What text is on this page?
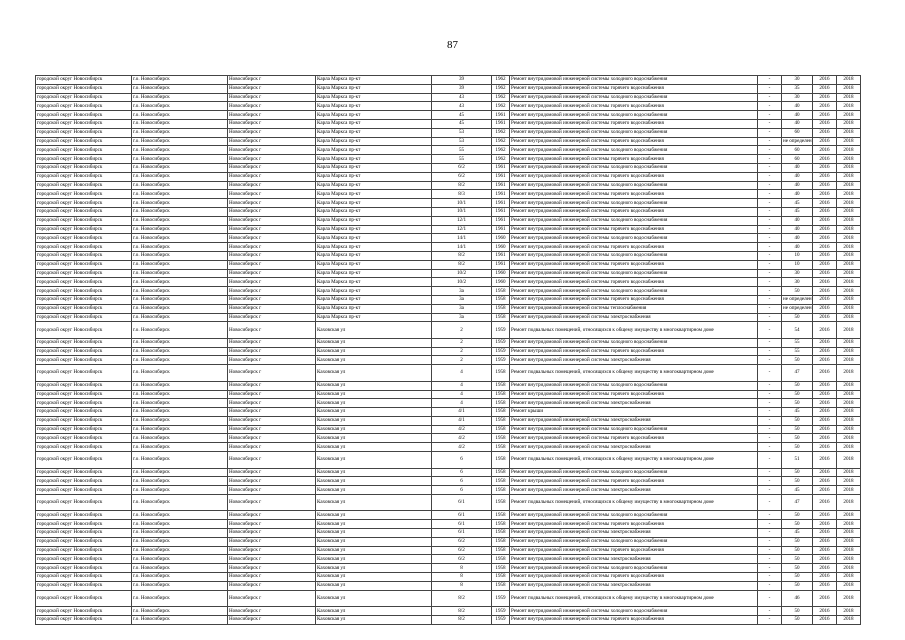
87
городской округ Новосибирск	г.о. Новосибирск	Новосибирск г	Карла Маркса пр-кт	39	1962	Ремонт внутридомовой инженерной системы холодного водоснабжения	-	30	2016	2018
городской округ Новосибирск	г.о. Новосибирск	Новосибирск г	Карла Маркса пр-кт	39	1962	Ремонт внутридомовой инженерной системы горячего водоснабжения	-	35	2016	2018
городской округ Новосибирск	г.о. Новосибирск	Новосибирск г	Карла Маркса пр-кт	43	1962	Ремонт внутридомовой инженерной системы холодного водоснабжения	-	30	2016	2018
городской округ Новосибирск	г.о. Новосибирск	Новосибирск г	Карла Маркса пр-кт	43	1962	Ремонт внутридомовой инженерной системы горячего водоснабжения	-	40	2016	2018
городской округ Новосибирск	г.о. Новосибирск	Новосибирск г	Карла Маркса пр-кт	45	1961	Ремонт внутридомовой инженерной системы холодного водоснабжения	-	40	2016	2018
городской округ Новосибирск	г.о. Новосибирск	Новосибирск г	Карла Маркса пр-кт	45	1961	Ремонт внутридомовой инженерной системы горячего водоснабжения	-	40	2016	2018
городской округ Новосибирск	г.о. Новосибирск	Новосибирск г	Карла Маркса пр-кт	53	1962	Ремонт внутридомовой инженерной системы холодного водоснабжения	-	60	2016	2018
городской округ Новосибирск	г.о. Новосибирск	Новосибирск г	Карла Маркса пр-кт	53	1962	Ремонт внутридомовой инженерной системы горячего водоснабжения	-	не определен	2016	2018
городской округ Новосибирск	г.о. Новосибирск	Новосибирск г	Карла Маркса пр-кт	55	1962	Ремонт внутридомовой инженерной системы холодного водоснабжения	-	60	2016	2018
городской округ Новосибирск	г.о. Новосибирск	Новосибирск г	Карла Маркса пр-кт	55	1962	Ремонт внутридомовой инженерной системы горячего водоснабжения	-	60	2016	2018
городской округ Новосибирск	г.о. Новосибирск	Новосибирск г	Карла Маркса пр-кт	6/2	1961	Ремонт внутридомовой инженерной системы холодного водоснабжения	-	40	2016	2018
городской округ Новосибирск	г.о. Новосибирск	Новосибирск г	Карла Маркса пр-кт	6/2	1961	Ремонт внутридомовой инженерной системы горячего водоснабжения	-	40	2016	2018
городской округ Новосибирск	г.о. Новосибирск	Новосибирск г	Карла Маркса пр-кт	8/2	1961	Ремонт внутридомовой инженерной системы холодного водоснабжения	-	40	2016	2018
городской округ Новосибирск	г.о. Новосибирск	Новосибирск г	Карла Маркса пр-кт	8/3	1961	Ремонт внутридомовой инженерной системы горячего водоснабжения	-	40	2016	2018
городской округ Новосибирск	г.о. Новосибирск	Новосибирск г	Карла Маркса пр-кт	10/1	1961	Ремонт внутридомовой инженерной системы холодного водоснабжения	-	45	2016	2018
городской округ Новосибирск	г.о. Новосибирск	Новосибирск г	Карла Маркса пр-кт	10/1	1961	Ремонт внутридомовой инженерной системы горячего водоснабжения	-	45	2016	2018
городской округ Новосибирск	г.о. Новосибирск	Новосибирск г	Карла Маркса пр-кт	12/1	1961	Ремонт внутридомовой инженерной системы холодного водоснабжения	-	40	2016	2018
городской округ Новосибирск	г.о. Новосибирск	Новосибирск г	Карла Маркса пр-кт	12/1	1961	Ремонт внутридомовой инженерной системы горячего водоснабжения	-	40	2016	2018
городской округ Новосибирск	г.о. Новосибирск	Новосибирск г	Карла Маркса пр-кт	14/1	1960	Ремонт внутридомовой инженерной системы холодного водоснабжения	-	40	2016	2018
городской округ Новосибирск	г.о. Новосибирск	Новосибирск г	Карла Маркса пр-кт	14/1	1960	Ремонт внутридомовой инженерной системы горячего водоснабжения	-	40	2016	2018
городской округ Новосибирск	г.о. Новосибирск	Новосибирск г	Карла Маркса пр-кт	8/2	1961	Ремонт внутридомовой инженерной системы холодного водоснабжения	-	10	2016	2018
городской округ Новосибирск	г.о. Новосибирск	Новосибирск г	Карла Маркса пр-кт	8/2	1961	Ремонт внутридомовой инженерной системы горячего водоснабжения	-	10	2016	2018
городской округ Новосибирск	г.о. Новосибирск	Новосибирск г	Карла Маркса пр-кт	10/2	1960	Ремонт внутридомовой инженерной системы холодного водоснабжения	-	30	2016	2018
городской округ Новосибирск	г.о. Новосибирск	Новосибирск г	Карла Маркса пр-кт	10/2	1960	Ремонт внутридомовой инженерной системы горячего водоснабжения	-	30	2016	2018
городской округ Новосибирск	г.о. Новосибирск	Новосибирск г	Карла Маркса пр-кт	3а	1958	Ремонт внутридомовой инженерной системы холодного водоснабжения	-	50	2016	2018
городской округ Новосибирск	г.о. Новосибирск	Новосибирск г	Карла Маркса пр-кт	3а	1958	Ремонт внутридомовой инженерной системы горячего водоснабжения	-	не определен	2016	2018
городской округ Новосибирск	г.о. Новосибирск	Новосибирск г	Карла Маркса пр-кт	3а	1958	Ремонт внутридомовой инженерной системы теплоснабжения	-	не определен	2016	2018
городской округ Новосибирск	г.о. Новосибирск	Новосибирск г	Карла Маркса пр-кт	3а	1958	Ремонт внутридомовой инженерной системы электроснабжения	-	50	2016	2018
городской округ Новосибирск	г.о. Новосибирск	Новосибирск г	Каховская ул	2	1959	Ремонт подвальных помещений, относящихся к общему имуществу в многоквартирном доме	-	54	2016	2018
городской округ Новосибирск	г.о. Новосибирск	Новосибирск г	Каховская ул	2	1959	Ремонт внутридомовой инженерной системы холодного водоснабжения	-	55	2016	2018
городской округ Новосибирск	г.о. Новосибирск	Новосибирск г	Каховская ул	2	1959	Ремонт внутридомовой инженерной системы горячего водоснабжения	-	55	2016	2018
городской округ Новосибирск	г.о. Новосибирск	Новосибирск г	Каховская ул	2	1959	Ремонт внутридомовой инженерной системы электроснабжения	-	50	2016	2018
городской округ Новосибирск	г.о. Новосибирск	Новосибирск г	Каховская ул	4	1958	Ремонт подвальных помещений, относящихся к общему имуществу в многоквартирном доме	-	47	2016	2018
городской округ Новосибирск	г.о. Новосибирск	Новосибирск г	Каховская ул	4	1958	Ремонт внутридомовой инженерной системы холодного водоснабжения	-	50	2016	2018
городской округ Новосибирск	г.о. Новосибирск	Новосибирск г	Каховская ул	4	1958	Ремонт внутридомовой инженерной системы горячего водоснабжения	-	50	2016	2018
городской округ Новосибирск	г.о. Новосибирск	Новосибирск г	Каховская ул	4	1958	Ремонт внутридомовой инженерной системы электроснабжения	-	50	2016	2018
городской округ Новосибирск	г.о. Новосибирск	Новосибирск г	Каховская ул	4/1	1958	Ремонт крыши	-	45	2016	2018
городской округ Новосибирск	г.о. Новосибирск	Новосибирск г	Каховская ул	4/1	1958	Ремонт внутридомовой инженерной системы электроснабжения	-	50	2016	2018
городской округ Новосибирск	г.о. Новосибирск	Новосибирск г	Каховская ул	4/2	1958	Ремонт внутридомовой инженерной системы холодного водоснабжения	-	50	2016	2018
городской округ Новосибирск	г.о. Новосибирск	Новосибирск г	Каховская ул	4/2	1958	Ремонт внутридомовой инженерной системы горячего водоснабжения	-	50	2016	2018
городской округ Новосибирск	г.о. Новосибирск	Новосибирск г	Каховская ул	4/2	1958	Ремонт внутридомовой инженерной системы электроснабжения	-	50	2016	2018
городской округ Новосибирск	г.о. Новосибирск	Новосибирск г	Каховская ул	6	1958	Ремонт подвальных помещений, относящихся к общему имуществу в многоквартирном доме	-	51	2016	2018
городской округ Новосибирск	г.о. Новосибирск	Новосибирск г	Каховская ул	6	1958	Ремонт внутридомовой инженерной системы холодного водоснабжения	-	50	2016	2018
городской округ Новосибирск	г.о. Новосибирск	Новосибирск г	Каховская ул	6	1958	Ремонт внутридомовой инженерной системы горячего водоснабжения	-	50	2016	2018
городской округ Новосибирск	г.о. Новосибирск	Новосибирск г	Каховская ул	6	1958	Ремонт внутридомовой инженерной системы электроснабжения	-	45	2016	2018
городской округ Новосибирск	г.о. Новосибирск	Новосибирск г	Каховская ул	6/1	1958	Ремонт подвальных помещений, относящихся к общему имуществу в многоквартирном доме	-	47	2016	2018
городской округ Новосибирск	г.о. Новосибирск	Новосибирск г	Каховская ул	6/1	1958	Ремонт внутридомовой инженерной системы холодного водоснабжения	-	50	2016	2018
городской округ Новосибирск	г.о. Новосибирск	Новосибирск г	Каховская ул	6/1	1958	Ремонт внутридомовой инженерной системы горячего водоснабжения	-	50	2016	2018
городской округ Новосибирск	г.о. Новосибирск	Новосибирск г	Каховская ул	6/1	1958	Ремонт внутридомовой инженерной системы электроснабжения	-	45	2016	2018
городской округ Новосибирск	г.о. Новосибирск	Новосибирск г	Каховская ул	6/2	1958	Ремонт внутридомовой инженерной системы холодного водоснабжения	-	50	2016	2018
городской округ Новосибирск	г.о. Новосибирск	Новосибирск г	Каховская ул	6/2	1958	Ремонт внутридомовой инженерной системы горячего водоснабжения	-	50	2016	2018
городской округ Новосибирск	г.о. Новосибирск	Новосибирск г	Каховская ул	6/2	1958	Ремонт внутридомовой инженерной системы электроснабжения	-	50	2016	2018
городской округ Новосибирск	г.о. Новосибирск	Новосибирск г	Каховская ул	8	1958	Ремонт внутридомовой инженерной системы холодного водоснабжения	-	50	2016	2018
городской округ Новосибирск	г.о. Новосибирск	Новосибирск г	Каховская ул	8	1958	Ремонт внутридомовой инженерной системы горячего водоснабжения	-	50	2016	2018
городской округ Новосибирск	г.о. Новосибирск	Новосибирск г	Каховская ул	8	1958	Ремонт внутридомовой инженерной системы электроснабжения	-	50	2016	2018
городской округ Новосибирск	г.о. Новосибирск	Новосибирск г	Каховская ул	8/2	1959	Ремонт подвальных помещений, относящихся к общему имуществу в многоквартирном доме	-	46	2016	2018
городской округ Новосибирск	г.о. Новосибирск	Новосибирск г	Каховская ул	8/2	1959	Ремонт внутридомовой инженерной системы холодного водоснабжения	-	50	2016	2018
городской округ Новосибирск	г.о. Новосибирск	Новосибирск г	Каховская ул	8/2	1959	Ремонт внутридомовой инженерной системы горячего водоснабжения	-	50	2016	2018
